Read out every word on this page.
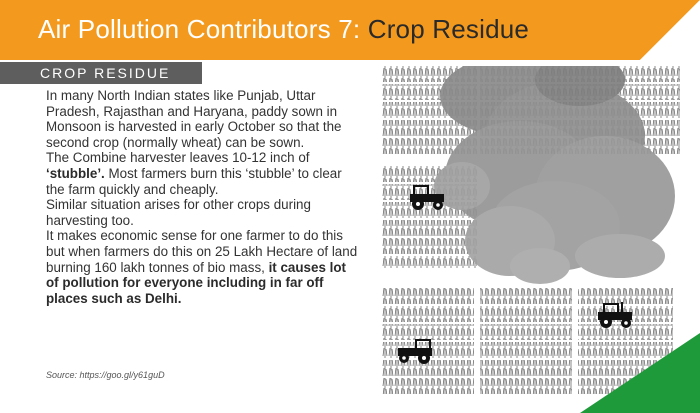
Air Pollution Contributors 7: Crop Residue
CROP RESIDUE

In many North Indian states like Punjab, Uttar Pradesh, Rajasthan and Haryana, paddy sown in Monsoon is harvested in early October so that the second crop (normally wheat) can be sown.

The Combine harvester leaves 10-12 inch of ‘stubble’. Most farmers burn this ‘stubble’ to clear the farm quickly and cheaply.

Similar situation arises for other crops during harvesting too.

It makes economic sense for one farmer to do this but when farmers do this on 25 Lakh Hectare of land burning 160 lakh tonnes of bio mass, it causes lot of pollution for everyone including in far off places such as Delhi.

Source: https://goo.gl/y61guD
